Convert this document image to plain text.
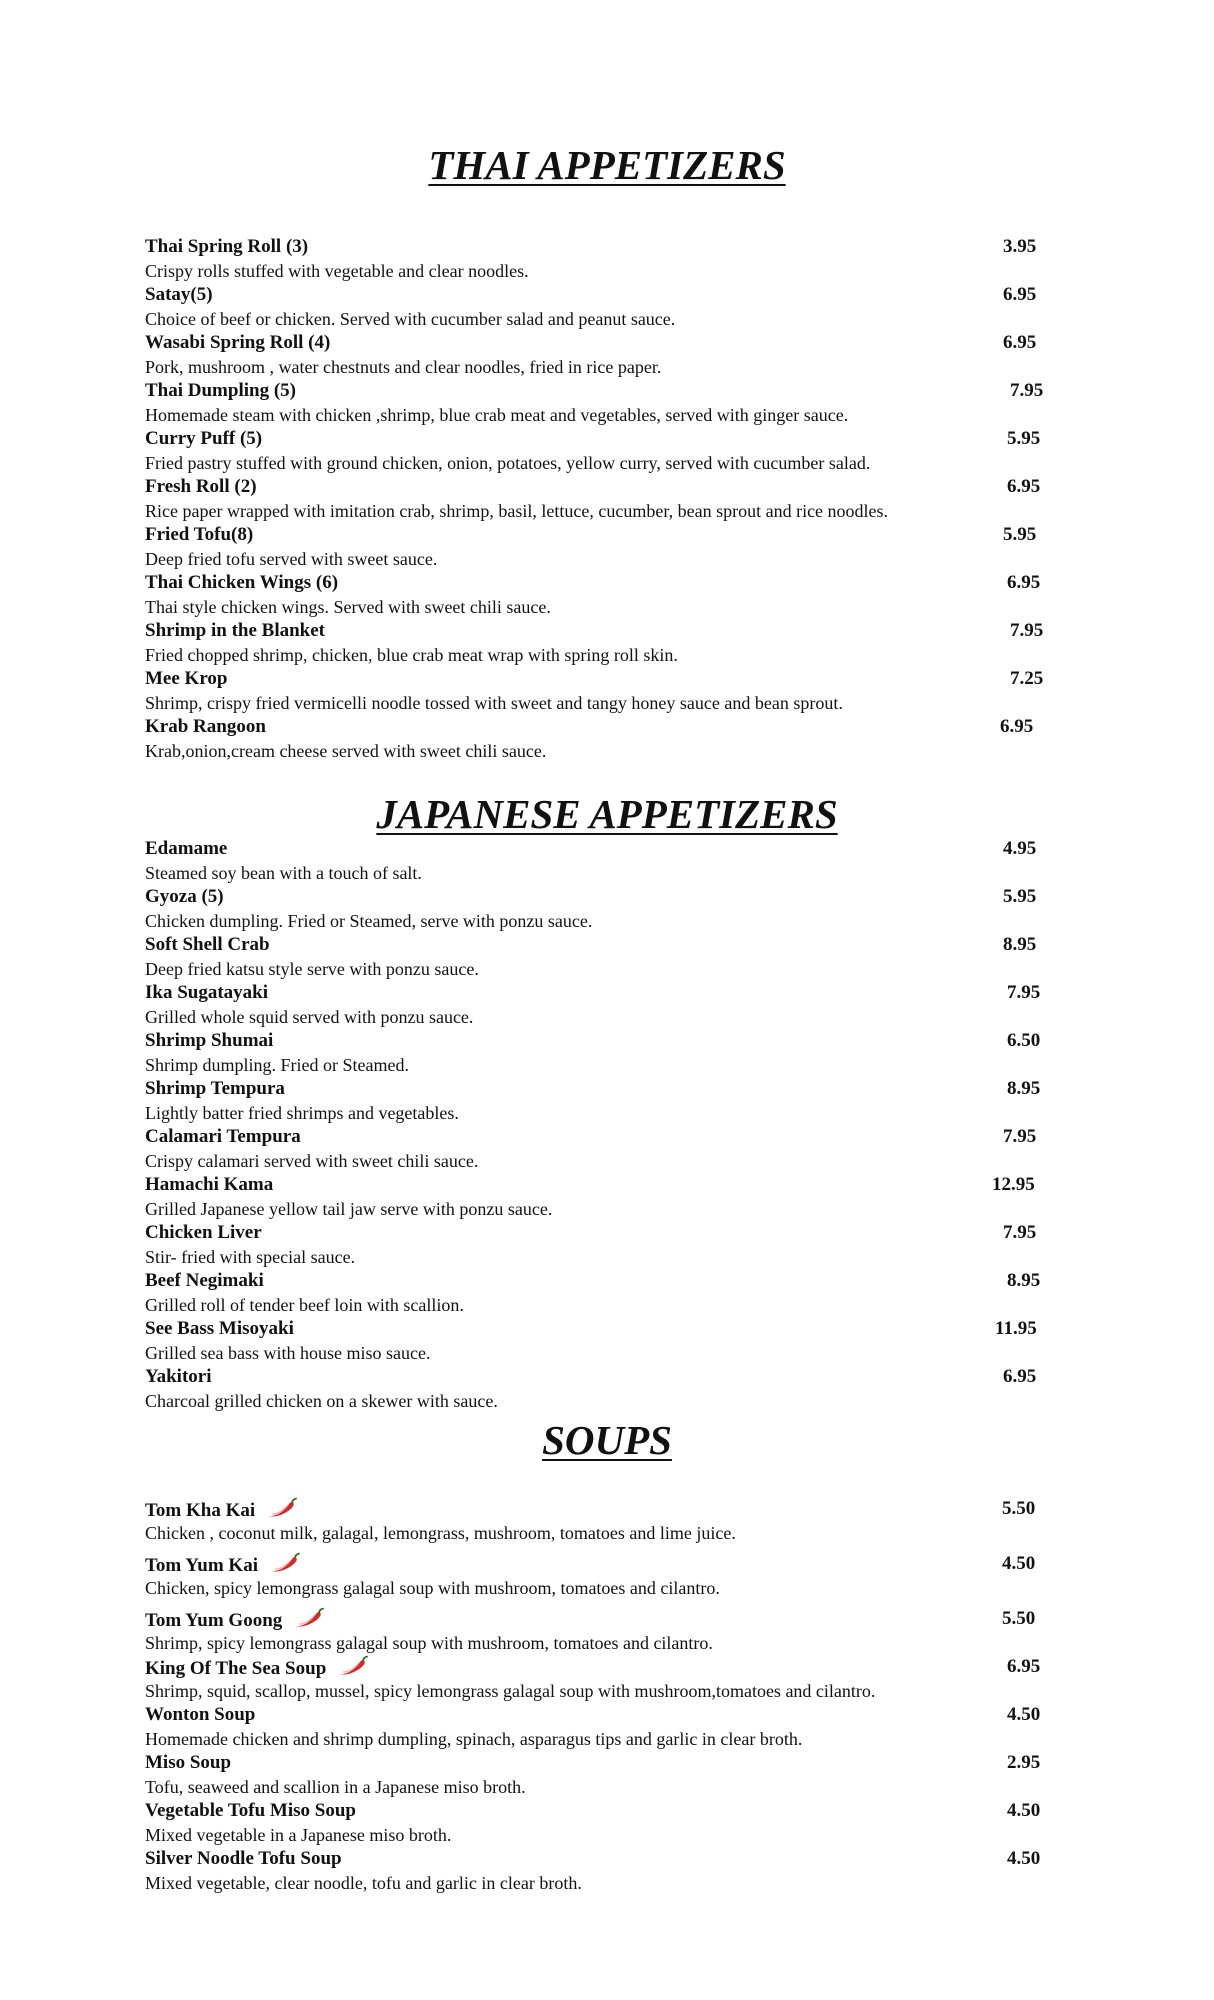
THAI APPETIZERS
Thai Spring Roll (3)	3.95
Crispy rolls stuffed with vegetable and clear noodles.
Satay(5)	6.95
Choice of beef or chicken. Served with cucumber salad and peanut sauce.
Wasabi Spring Roll (4)	6.95
Pork, mushroom , water chestnuts and clear noodles, fried in rice paper.
Thai Dumpling (5)	7.95
Homemade steam with chicken ,shrimp, blue crab meat and vegetables, served with ginger sauce.
Curry Puff (5)	5.95
Fried pastry stuffed with ground chicken, onion, potatoes, yellow curry, served with cucumber salad.
Fresh Roll (2)	6.95
Rice paper wrapped with imitation crab, shrimp, basil, lettuce, cucumber, bean sprout and rice noodles.
Fried Tofu(8)	5.95
Deep fried tofu served with sweet sauce.
Thai Chicken Wings (6)	6.95
Thai style chicken wings. Served with sweet chili sauce.
Shrimp in the Blanket	7.95
Fried chopped shrimp, chicken, blue crab meat wrap with spring roll skin.
Mee Krop	7.25
Shrimp, crispy fried vermicelli noodle tossed with sweet and tangy honey sauce and bean sprout.
Krab Rangoon	6.95
Krab,onion,cream cheese served with sweet chili sauce.
JAPANESE APPETIZERS
Edamame	4.95
Steamed soy bean with a touch of salt.
Gyoza (5)	5.95
Chicken dumpling. Fried or Steamed, serve with ponzu sauce.
Soft Shell Crab	8.95
Deep fried katsu style serve with ponzu sauce.
Ika Sugatayaki	7.95
Grilled whole squid served with ponzu sauce.
Shrimp Shumai	6.50
Shrimp dumpling. Fried or Steamed.
Shrimp Tempura	8.95
Lightly batter fried shrimps and vegetables.
Calamari Tempura	7.95
Crispy calamari served with sweet chili sauce.
Hamachi Kama	12.95
Grilled Japanese yellow tail jaw serve with ponzu sauce.
Chicken Liver	7.95
Stir- fried with special sauce.
Beef Negimaki	8.95
Grilled roll of tender beef loin with scallion.
See Bass Misoyaki	11.95
Grilled sea bass with house miso sauce.
Yakitori	6.95
Charcoal grilled chicken on a skewer with sauce.
SOUPS
Tom Kha Kai	5.50
Chicken , coconut milk, galagal, lemongrass, mushroom, tomatoes and lime juice.
Tom Yum Kai	4.50
Chicken, spicy lemongrass galagal soup with mushroom, tomatoes and cilantro.
Tom Yum Goong	5.50
Shrimp, spicy lemongrass galagal soup with mushroom, tomatoes and cilantro.
King Of The Sea Soup	6.95
Shrimp, squid, scallop, mussel, spicy lemongrass galagal soup with mushroom,tomatoes and cilantro.
Wonton Soup	4.50
Homemade chicken and shrimp dumpling, spinach, asparagus tips and garlic in clear broth.
Miso Soup	2.95
Tofu, seaweed and scallion in a Japanese miso broth.
Vegetable Tofu Miso Soup	4.50
Mixed vegetable in a Japanese miso broth.
Silver Noodle Tofu Soup	4.50
Mixed vegetable, clear noodle, tofu and garlic in clear broth.
